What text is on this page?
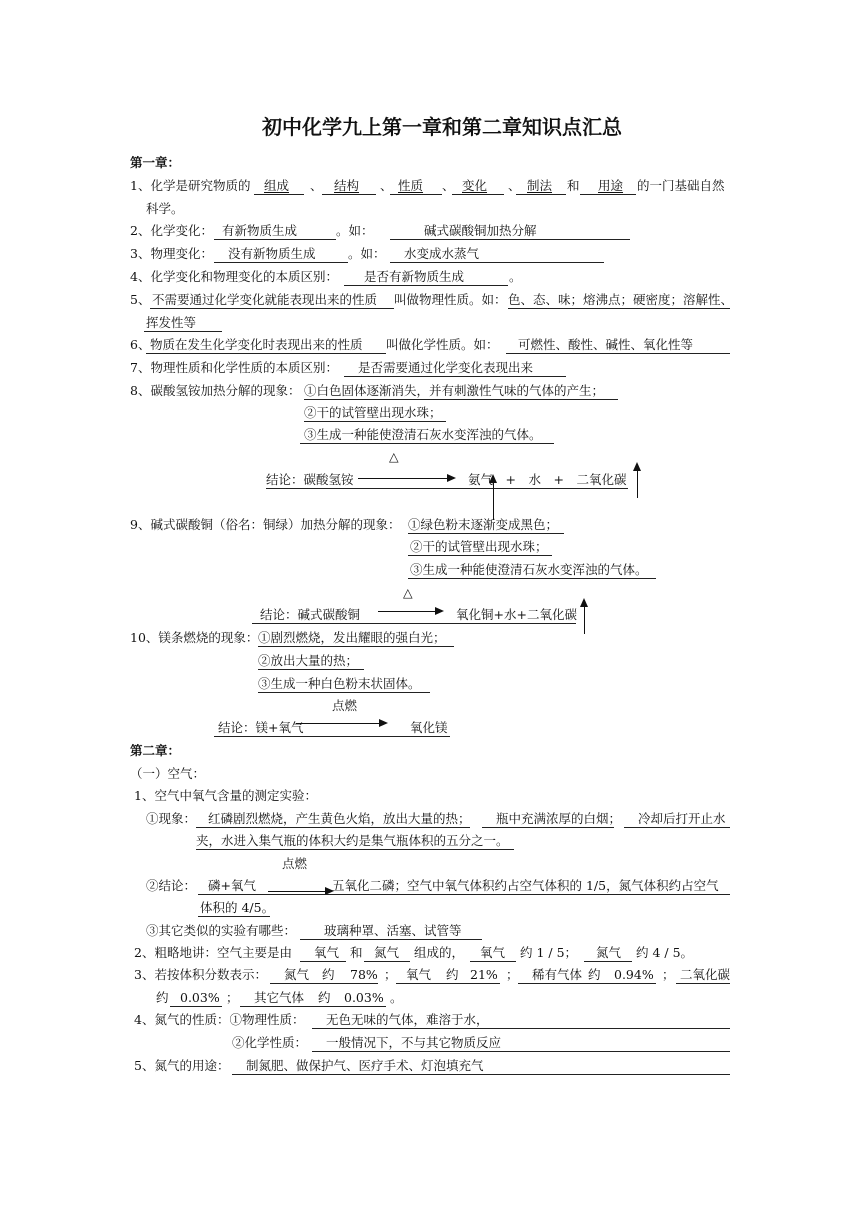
初中化学九上第一章和第二章知识点汇总
第一章：
1、化学是研究物质的 组成 、 结构 、 性质 、 变化 、 制法 和 用途 的一门基础自然
科学。
2、化学变化： 有新物质生成	。如：	碱式碳酸铜加热分解
3、物理变化： 没有新物质生成	。如： 水变成水蒸气
4、化学变化和物理变化的本质区别： 是否有新物质生成	。
5、 不需要通过化学变化就能表现出来的性质 叫做物理性质。如： 色、态、味；熔沸点；硬密度；溶解性、
挥发性等
6、 物质在发生化学变化时表现出来的性质 叫做化学性质。如： 可燃性、酸性、碱性、氧化性等
7、物理性质和化学性质的本质区别： 是否需要通过化学变化表现出来
8、碳酸氢铵加热分解的现象： ①白色固体逐渐消失，并有刺激性气味的气体的产生；
②干的试管壁出现水珠；
③生成一种能使澄清石灰水变浑浊的气体。
△
结论：碳酸氢铵	氨气　+　水　+　二氧化碳
9、碱式碳酸铜（俗名：铜绿）加热分解的现象： ①绿色粉末逐渐变成黑色；
②干的试管壁出现水珠；
③生成一种能使澄清石灰水变浑浊的气体。
△
结论：碱式碳酸铜	氧化铜+水+二氧化碳
10、镁条燃烧的现象： ①剧烈燃烧，发出耀眼的强白光；
②放出大量的热；
③生成一种白色粉末状固体。
点燃
结论：镁+氧气	氧化镁
第二章：
（一）空气：
1、空气中氧气含量的测定实验：
①现象： 红磷剧烈燃烧，产生黄色火焰，放出大量的热； 瓶中充满浓厚的白烟； 冷却后打开止水
夹，水进入集气瓶的体积大约是集气瓶体积的五分之一。
点燃
②结论： 磷+氧气	五氧化二磷；空气中氧气体积约占空气体积的 1/5，氮气体积约占空气
体积的 4/5。
③其它类似的实验有哪些： 玻璃种罩、活塞、试管等
2、粗略地讲：空气主要是由 氧气 和 氮气 组成的， 氧气 约 1 / 5； 氮气 约 4 / 5。
3、若按体积分数表示： 氮气 约 78% ； 氧气 约 21% ； 稀有气体 约 0.94% ； 二氧化碳
约 0.03% ； 其它气体 约 0.03% 。
4、氮气的性质：①物理性质： 无色无味的气体，难溶于水，
②化学性质： 一般情况下，不与其它物质反应
5、氮气的用途： 制氮肥、做保护气、医疗手术、灯泡填充气
